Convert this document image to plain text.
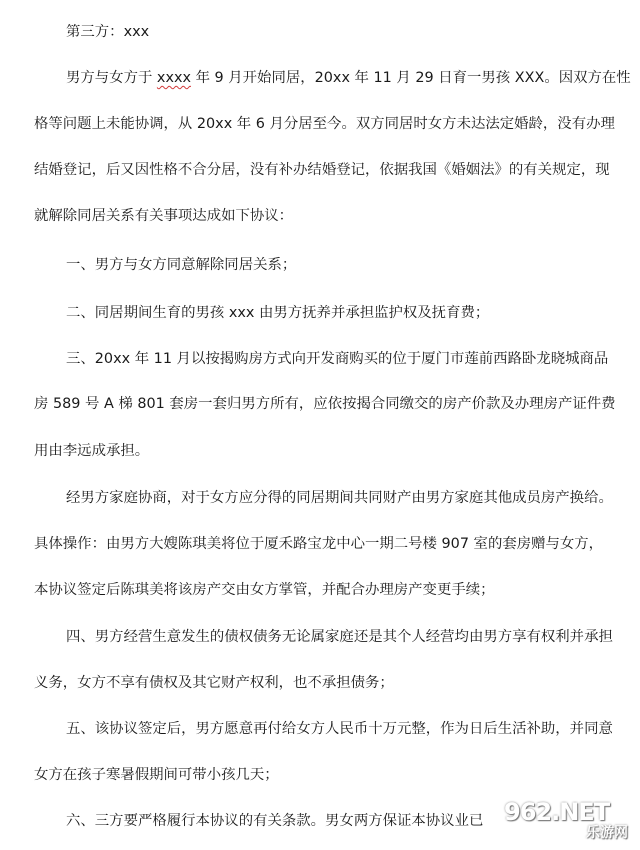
第三方：xxx
男方与女方于 xxxx 年 9 月开始同居，20xx 年 11 月 29 日育一男孩 XXX。因双方在性
格等问题上未能协调，从 20xx 年 6 月分居至今。双方同居时女方未达法定婚龄，没有办理
结婚登记，后又因性格不合分居，没有补办结婚登记，依据我国《婚姻法》的有关规定，现
就解除同居关系有关事项达成如下协议：
一、男方与女方同意解除同居关系；
二、同居期间生育的男孩 xxx 由男方抚养并承担监护权及抚育费；
三、20xx 年 11 月以按揭购房方式向开发商购买的位于厦门市莲前西路卧龙晓城商品
房 589 号 A 梯 801 套房一套归男方所有，应依按揭合同缴交的房产价款及办理房产证件费
用由李远成承担。
经男方家庭协商，对于女方应分得的同居期间共同财产由男方家庭其他成员房产换给。
具体操作：由男方大嫂陈琪美将位于厦禾路宝龙中心一期二号楼 907 室的套房赠与女方，
本协议签定后陈琪美将该房产交由女方掌管，并配合办理房产变更手续；
四、男方经营生意发生的债权债务无论属家庭还是其个人经营均由男方享有权利并承担
义务，女方不享有债权及其它财产权利，也不承担债务；
五、该协议签定后，男方愿意再付给女方人民币十万元整，作为日后生活补助，并同意
女方在孩子寒暑假期间可带小孩几天；
六、三方要严格履行本协议的有关条款。男女两方保证本协议业已 962.NET
乐游网
